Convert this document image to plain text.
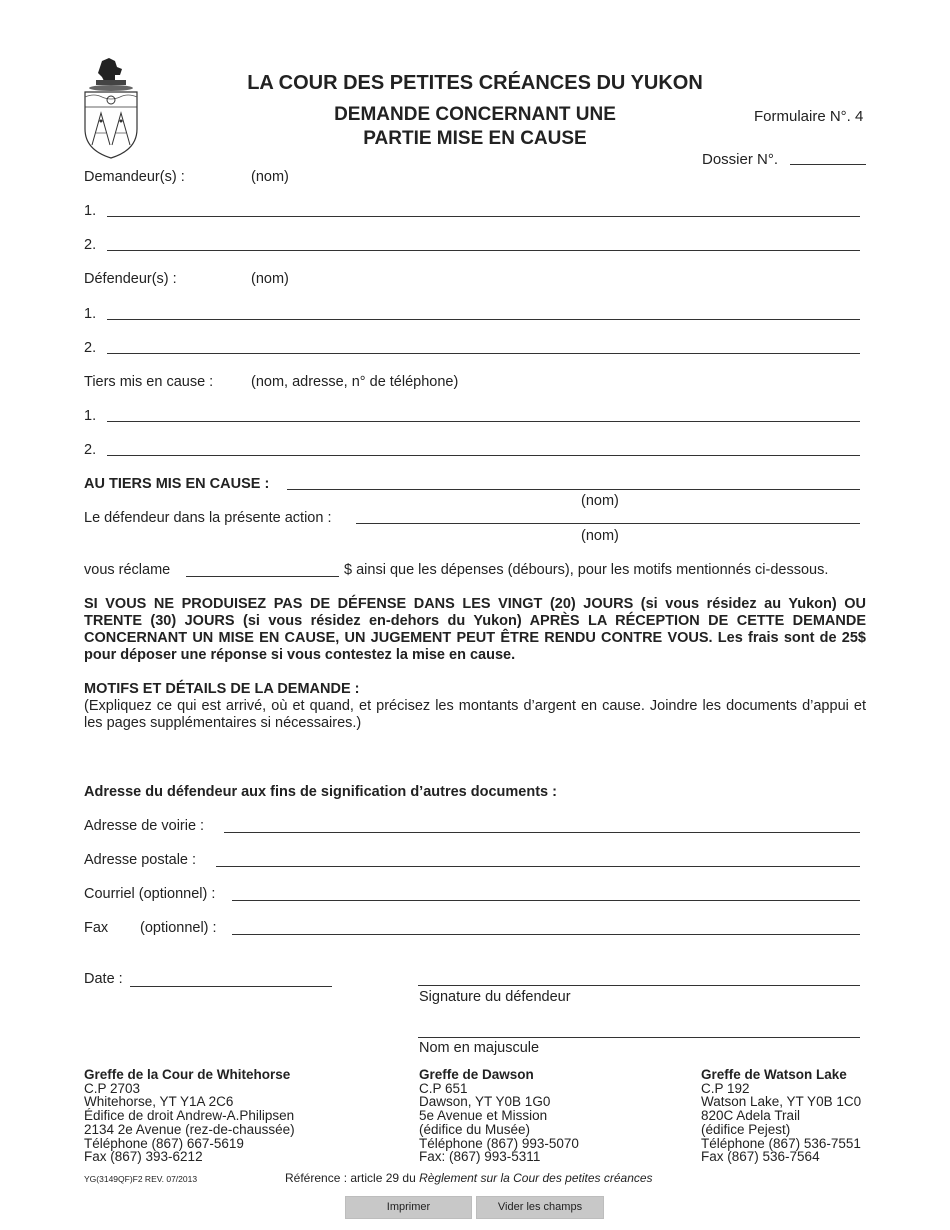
LA COUR DES PETITES CRÉANCES DU YUKON
DEMANDE CONCERNANT UNE
PARTIE MISE EN CAUSE
Formulaire N°. 4
Dossier N°.
Demandeur(s) :	(nom)
1.
2.
Défendeur(s) :	(nom)
1.
2.
Tiers mis en cause :	(nom, adresse, n° de téléphone)
1.
2.
AU TIERS MIS EN CAUSE :
(nom)
Le défendeur dans la présente action :
(nom)
vous réclame	$ ainsi que les dépenses (débours), pour les motifs mentionnés ci-dessous.
SI VOUS NE PRODUISEZ PAS DE DÉFENSE DANS LES VINGT (20) JOURS (si vous résidez au Yukon) OU TRENTE (30) JOURS (si vous résidez en-dehors du Yukon) APRÈS LA RÉCEPTION DE CETTE DEMANDE CONCERNANT UN MISE EN CAUSE, UN JUGEMENT PEUT ÊTRE RENDU CONTRE VOUS. Les frais sont de 25$ pour déposer une réponse si vous contestez la mise en cause.
MOTIFS ET DÉTAILS DE LA DEMANDE :
(Expliquez ce qui est arrivé, où et quand, et précisez les montants d’argent en cause. Joindre les documents d’appui et les pages supplémentaires si nécessaires.)
Adresse du défendeur aux fins de signification d’autres documents :
Adresse de voirie :
Adresse postale :
Courriel (optionnel) :
Fax (optionnel) :
Date :
Signature du défendeur
Nom en majuscule
Greffe de la Cour de Whitehorse
C.P 2703
Whitehorse, YT Y1A 2C6
Édifice de droit Andrew-A.Philipsen
2134 2e Avenue (rez-de-chaussée)
Téléphone (867) 667-5619
Fax (867) 393-6212
Greffe de Dawson
C.P 651
Dawson, YT Y0B 1G0
5e Avenue et Mission
(édifice du Musée)
Téléphone (867) 993-5070
Fax: (867) 993-5311
Greffe de Watson Lake
C.P 192
Watson Lake, YT Y0B 1C0
820C Adela Trail
(édifice Pejest)
Téléphone (867) 536-7551
Fax (867) 536-7564
YG(3149QF)F2 REV. 07/2013	Référence : article 29 du Règlement sur la Cour des petites créances
Imprimer	Vider les champs
